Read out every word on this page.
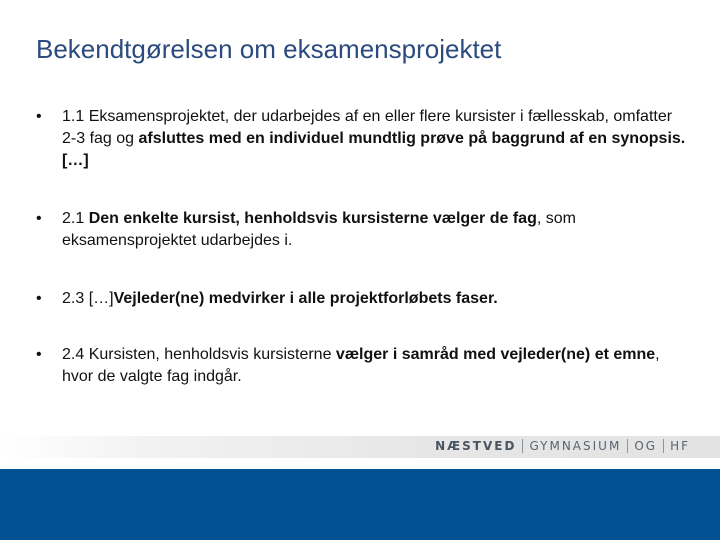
Bekendtgørelsen om eksamensprojektet
• 1.1 Eksamensprojektet, der udarbejdes af en eller flere kursister i fællesskab, omfatter 2-3 fag og afsluttes med en individuel mundtlig prøve på baggrund af en synopsis. […]
• 2.1 Den enkelte kursist, henholdsvis kursisterne vælger de fag, som eksamensprojektet udarbejdes i.
• 2.3 […]Vejleder(ne) medvirker i alle projektforløbets faser.
• 2.4 Kursisten, henholdsvis kursisterne vælger i samråd med vejleder(ne) et emne, hvor de valgte fag indgår.
NÆSTVED GYMNASIUM OG HF
